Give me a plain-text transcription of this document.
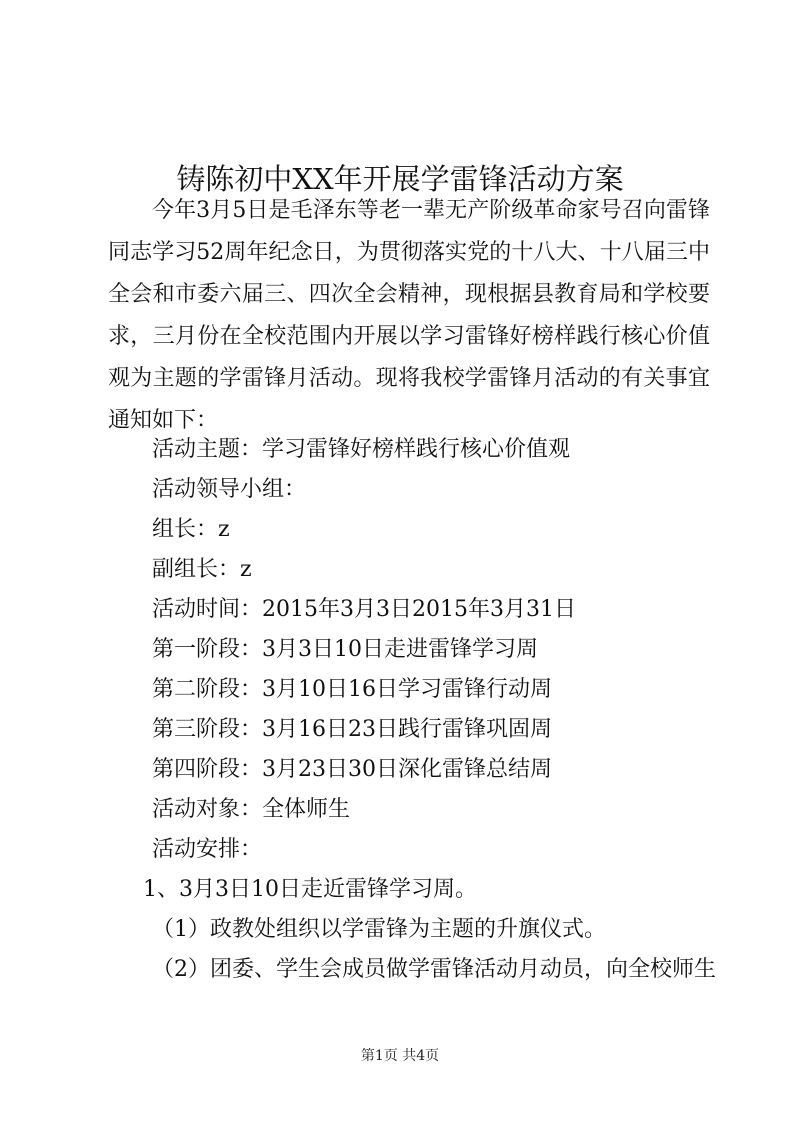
铸陈初中XX年开展学雷锋活动方案

今年3月5日是毛泽东等老一辈无产阶级革命家号召向雷锋同志学习52周年纪念日，为贯彻落实党的十八大、十八届三中全会和市委六届三、四次全会精神，现根据县教育局和学校要求，三月份在全校范围内开展以学习雷锋好榜样践行核心价值观为主题的学雷锋月活动。现将我校学雷锋月活动的有关事宜通知如下：

活动主题：学习雷锋好榜样践行核心价值观

活动领导小组：

组长：z

副组长：z

活动时间：2015年3月3日2015年3月31日

第一阶段：3月3日10日走进雷锋学习周

第二阶段：3月10日16日学习雷锋行动周

第三阶段：3月16日23日践行雷锋巩固周

第四阶段：3月23日30日深化雷锋总结周

活动对象：全体师生

活动安排：

1、3月3日10日走近雷锋学习周。

（1）政教处组织以学雷锋为主题的升旗仪式。

（2）团委、学生会成员做学雷锋活动月动员，向全校师生

第1页 共4页
